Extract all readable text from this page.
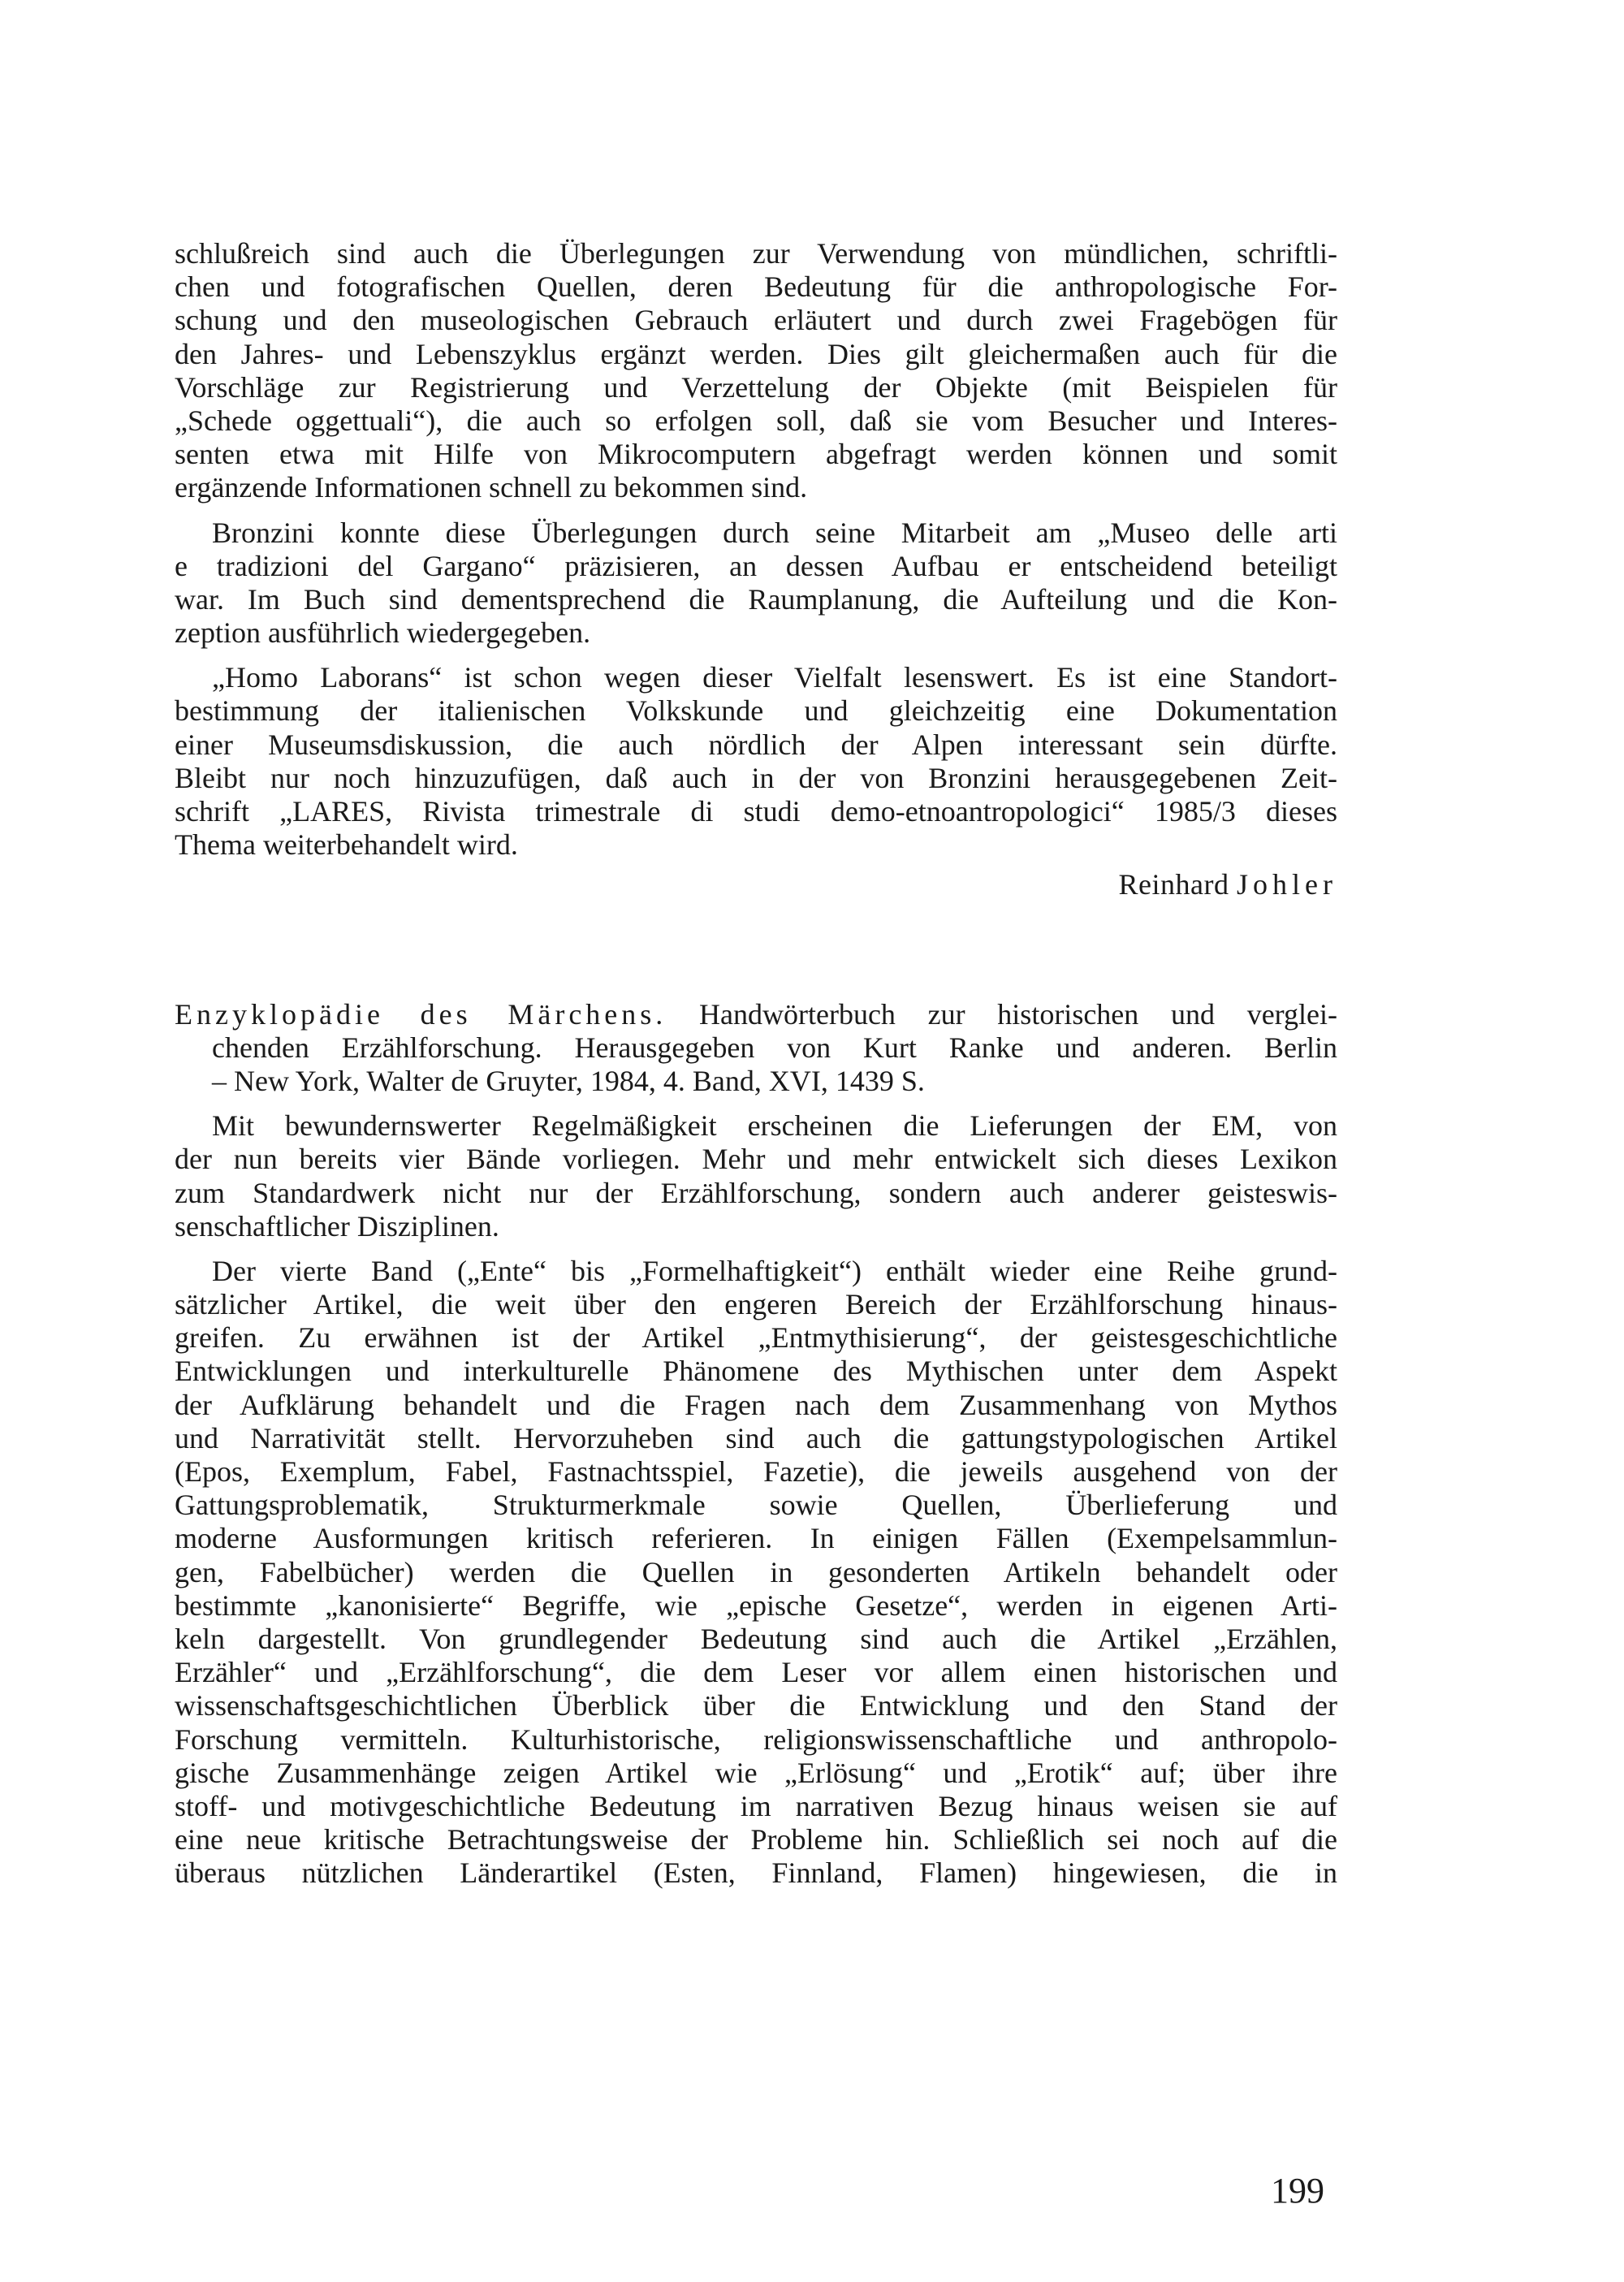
schlußreich sind auch die Überlegungen zur Verwendung von mündlichen, schriftli-
chen und fotografischen Quellen, deren Bedeutung für die anthropologische For-
schung und den museologischen Gebrauch erläutert und durch zwei Fragebögen für
den Jahres- und Lebenszyklus ergänzt werden. Dies gilt gleichermaßen auch für die
Vorschläge zur Registrierung und Verzettelung der Objekte (mit Beispielen für
„Schede oggettuali“), die auch so erfolgen soll, daß sie vom Besucher und Interes-
senten etwa mit Hilfe von Mikrocomputern abgefragt werden können und somit
ergänzende Informationen schnell zu bekommen sind.
Bronzini konnte diese Überlegungen durch seine Mitarbeit am „Museo delle arti
e tradizioni del Gargano“ präzisieren, an dessen Aufbau er entscheidend beteiligt
war. Im Buch sind dementsprechend die Raumplanung, die Aufteilung und die Kon-
zeption ausführlich wiedergegeben.
„Homo Laborans“ ist schon wegen dieser Vielfalt lesenswert. Es ist eine Standort-
bestimmung der italienischen Volkskunde und gleichzeitig eine Dokumentation
einer Museumsdiskussion, die auch nördlich der Alpen interessant sein dürfte.
Bleibt nur noch hinzuzufügen, daß auch in der von Bronzini herausgegebenen Zeit-
schrift „LARES, Rivista trimestrale di studi demo-etnoantropologici“ 1985/3 dieses
Thema weiterbehandelt wird.
Reinhard Johler
Enzyklopädie des Märchens. Handwörterbuch zur historischen und verglei-
chenden Erzählforschung. Herausgegeben von Kurt Ranke und anderen. Berlin
– New York, Walter de Gruyter, 1984, 4. Band, XVI, 1439 S.
Mit bewundernswerter Regelmäßigkeit erscheinen die Lieferungen der EM, von
der nun bereits vier Bände vorliegen. Mehr und mehr entwickelt sich dieses Lexikon
zum Standardwerk nicht nur der Erzählforschung, sondern auch anderer geisteswis-
senschaftlicher Disziplinen.
Der vierte Band („Ente“ bis „Formelhaftigkeit“) enthält wieder eine Reihe grund-
sätzlicher Artikel, die weit über den engeren Bereich der Erzählforschung hinaus-
greifen. Zu erwähnen ist der Artikel „Entmythisierung“, der geistesgeschichtliche
Entwicklungen und interkulturelle Phänomene des Mythischen unter dem Aspekt
der Aufklärung behandelt und die Fragen nach dem Zusammenhang von Mythos
und Narrativität stellt. Hervorzuheben sind auch die gattungstypologischen Artikel
(Epos, Exemplum, Fabel, Fastnachtsspiel, Fazetie), die jeweils ausgehend von der
Gattungsproblematik, Strukturmerkmale sowie Quellen, Überlieferung und
moderne Ausformungen kritisch referieren. In einigen Fällen (Exempelsammlun-
gen, Fabelbücher) werden die Quellen in gesonderten Artikeln behandelt oder
bestimmte „kanonisierte“ Begriffe, wie „epische Gesetze“, werden in eigenen Arti-
keln dargestellt. Von grundlegender Bedeutung sind auch die Artikel „Erzählen,
Erzähler“ und „Erzählforschung“, die dem Leser vor allem einen historischen und
wissenschaftsgeschichtlichen Überblick über die Entwicklung und den Stand der
Forschung vermitteln. Kulturhistorische, religionswissenschaftliche und anthropolo-
gische Zusammenhänge zeigen Artikel wie „Erlösung“ und „Erotik“ auf; über ihre
stoff- und motivgeschichtliche Bedeutung im narrativen Bezug hinaus weisen sie auf
eine neue kritische Betrachtungsweise der Probleme hin. Schließlich sei noch auf die
überaus nützlichen Länderartikel (Esten, Finnland, Flamen) hingewiesen, die in
199
